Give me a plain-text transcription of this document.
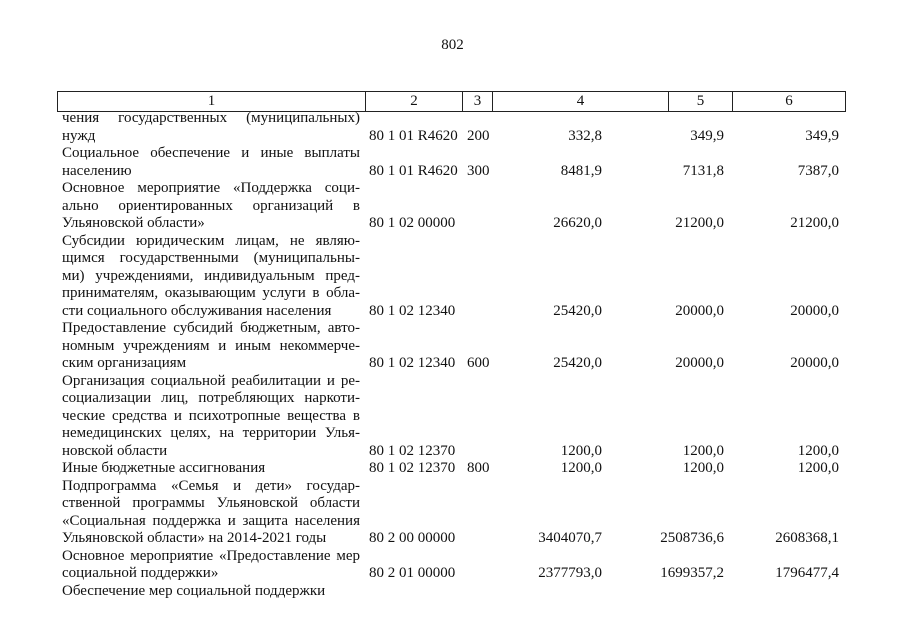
802
1	2	3	4	5	6
чения государственных (муниципальных)
нужд	80 1 01 R4620 200	332,8	349,9	349,9
Социальное обеспечение и иные выплаты
населению	80 1 01 R4620 300	8481,9	7131,8	7387,0
Основное мероприятие «Поддержка соци-
ально ориентированных организаций в
Ульяновской области»	80 1 02 00000	26620,0	21200,0	21200,0
Субсидии юридическим лицам, не являю-
щимся государственными (муниципальны-
ми) учреждениями, индивидуальным пред-
принимателям, оказывающим услуги в обла-
сти социального обслуживания населения	80 1 02 12340	25420,0	20000,0	20000,0
Предоставление субсидий бюджетным, авто-
номным учреждениям и иным некоммерче-
ским организациям	80 1 02 12340 600	25420,0	20000,0	20000,0
Организация социальной реабилитации и ре-
социализации лиц, потребляющих наркоти-
ческие средства и психотропные вещества в
немедицинских целях, на территории Улья-
новской области	80 1 02 12370	1200,0	1200,0	1200,0
Иные бюджетные ассигнования	80 1 02 12370 800	1200,0	1200,0	1200,0
Подпрограмма «Семья и дети» государ-
ственной программы Ульяновской области
«Социальная поддержка и защита населения
Ульяновской области» на 2014-2021 годы	80 2 00 00000	3404070,7	2508736,6	2608368,1
Основное мероприятие «Предоставление мер
социальной поддержки»	80 2 01 00000	2377793,0	1699357,2	1796477,4
Обеспечение мер социальной поддержки
